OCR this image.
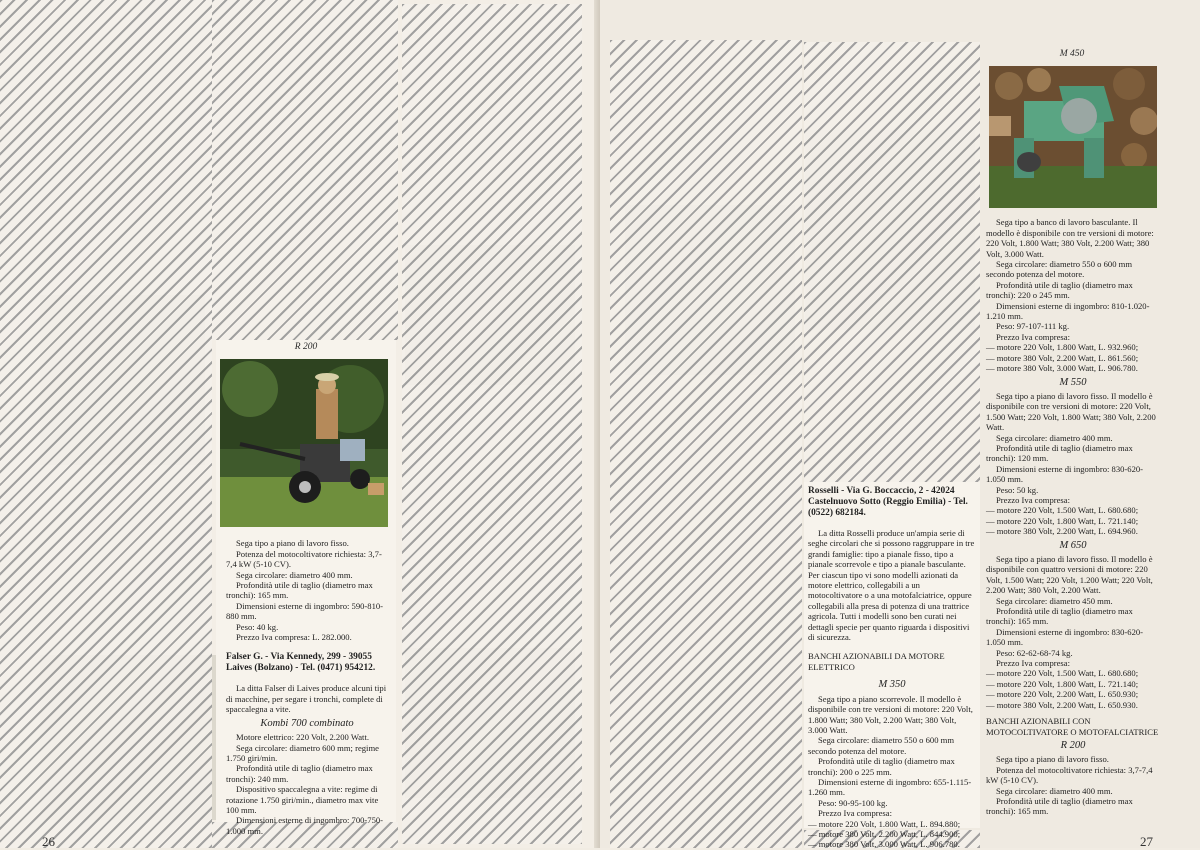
R 200

Sega tipo a piano di lavoro fisso.

Potenza del motocoltivatore richiesta: 3,7-7,4 kW (5-10 CV).

Sega circolare: diametro 400 mm.

Profondità utile di taglio (diametro max tronchi): 165 mm.

Dimensioni esterne di ingombro: 590-810-880 mm.

Peso: 40 kg.

Prezzo Iva compresa: L. 282.000.

Falser G. - Via Kennedy, 299 - 39055 Laives (Bolzano) - Tel. (0471) 954212.

La ditta Falser di Laives produce alcuni tipi di macchine, per segare i tronchi, complete di spaccalegna a vite.

Kombi 700 combinato

Motore elettrico: 220 Volt, 2.200 Watt.

Sega circolare: diametro 600 mm; regime 1.750 giri/min.

Profondità utile di taglio (diametro max tronchi): 240 mm.

Dispositivo spaccalegna a vite: regime di rotazione 1.750 giri/min., diametro max vite 100 mm.

Dimensioni esterne di ingombro: 700-750-1.000 mm.

26

Rosselli - Via G. Boccaccio, 2 - 42024 Castelnuovo Sotto (Reggio Emilia) - Tel. (0522) 682184.

La ditta Rosselli produce un'ampia serie di seghe circolari che si possono raggruppare in tre grandi famiglie: tipo a pianale fisso, tipo a pianale scorrevole e tipo a pianale basculante. Per ciascun tipo vi sono modelli azionati da motore elettrico, collegabili a un motocoltivatore o a una motofalciatrice, oppure collegabili alla presa di potenza di una trattrice agricola. Tutti i modelli sono ben curati nei dettagli specie per quanto riguarda i dispositivi di sicurezza.

BANCHI AZIONABILI DA MOTORE ELETTRICO

M 350

Sega tipo a piano scorrevole. Il modello è disponibile con tre versioni di motore: 220 Volt, 1.800 Watt; 380 Volt, 2.200 Watt; 380 Volt, 3.000 Watt.

Sega circolare: diametro 550 o 600 mm secondo potenza del motore.

Profondità utile di taglio (diametro max tronchi): 200 o 225 mm.

Dimensioni esterne di ingombro: 655-1.115-1.260 mm.

Peso: 90-95-100 kg.

Prezzo Iva compresa:

— motore 220 Volt, 1.800 Watt, L. 894.880;

— motore 380 Volt, 2.200 Watt, L. 844.900;

— motore 380 Volt, 3.000 Watt, L. 906.780.

M 450

Sega tipo a banco di lavoro basculante. Il modello è disponibile con tre versioni di motore: 220 Volt, 1.800 Watt; 380 Volt, 2.200 Watt; 380 Volt, 3.000 Watt.

Sega circolare: diametro 550 o 600 mm secondo potenza del motore.

Profondità utile di taglio (diametro max tronchi): 220 o 245 mm.

Dimensioni esterne di ingombro: 810-1.020-1.210 mm.

Peso: 97-107-111 kg.

Prezzo Iva compresa:

— motore 220 Volt, 1.800 Watt, L. 932.960;

— motore 380 Volt, 2.200 Watt, L. 861.560;

— motore 380 Volt, 3.000 Watt, L. 906.780.

M 550

Sega tipo a piano di lavoro fisso. Il modello è disponibile con tre versioni di motore: 220 Volt, 1.500 Watt; 220 Volt, 1.800 Watt; 380 Volt, 2.200 Watt.

Sega circolare: diametro 400 mm.

Profondità utile di taglio (diametro max tronchi): 120 mm.

Dimensioni esterne di ingombro: 830-620-1.050 mm.

Peso: 50 kg.

Prezzo Iva compresa:

— motore 220 Volt, 1.500 Watt, L. 680.680;

— motore 220 Volt, 1.800 Watt, L. 721.140;

— motore 380 Volt, 2.200 Watt, L. 694.960.

M 650

Sega tipo a piano di lavoro fisso. Il modello è disponibile con quattro versioni di motore: 220 Volt, 1.500 Watt; 220 Volt, 1.200 Watt; 220 Volt, 2.200 Watt; 380 Volt, 2.200 Watt.

Sega circolare: diametro 450 mm.

Profondità utile di taglio (diametro max tronchi): 165 mm.

Dimensioni esterne di ingombro: 830-620-1.050 mm.

Peso: 62-62-68-74 kg.

Prezzo Iva compresa:

— motore 220 Volt, 1.500 Watt, L. 680.680;

— motore 220 Volt, 1.800 Watt, L. 721.140;

— motore 220 Volt, 2.200 Watt, L. 650.930;

— motore 380 Volt, 2.200 Watt, L. 650.930.

BANCHI AZIONABILI CON MOTOCOLTIVATORE O MOTOFALCIATRICE

R 200

Sega tipo a piano di lavoro fisso.

Potenza del motocoltivatore richiesta: 3,7-7,4 kW (5-10 CV).

Sega circolare: diametro 400 mm.

Profondità utile di taglio (diametro max tronchi): 165 mm.

27
